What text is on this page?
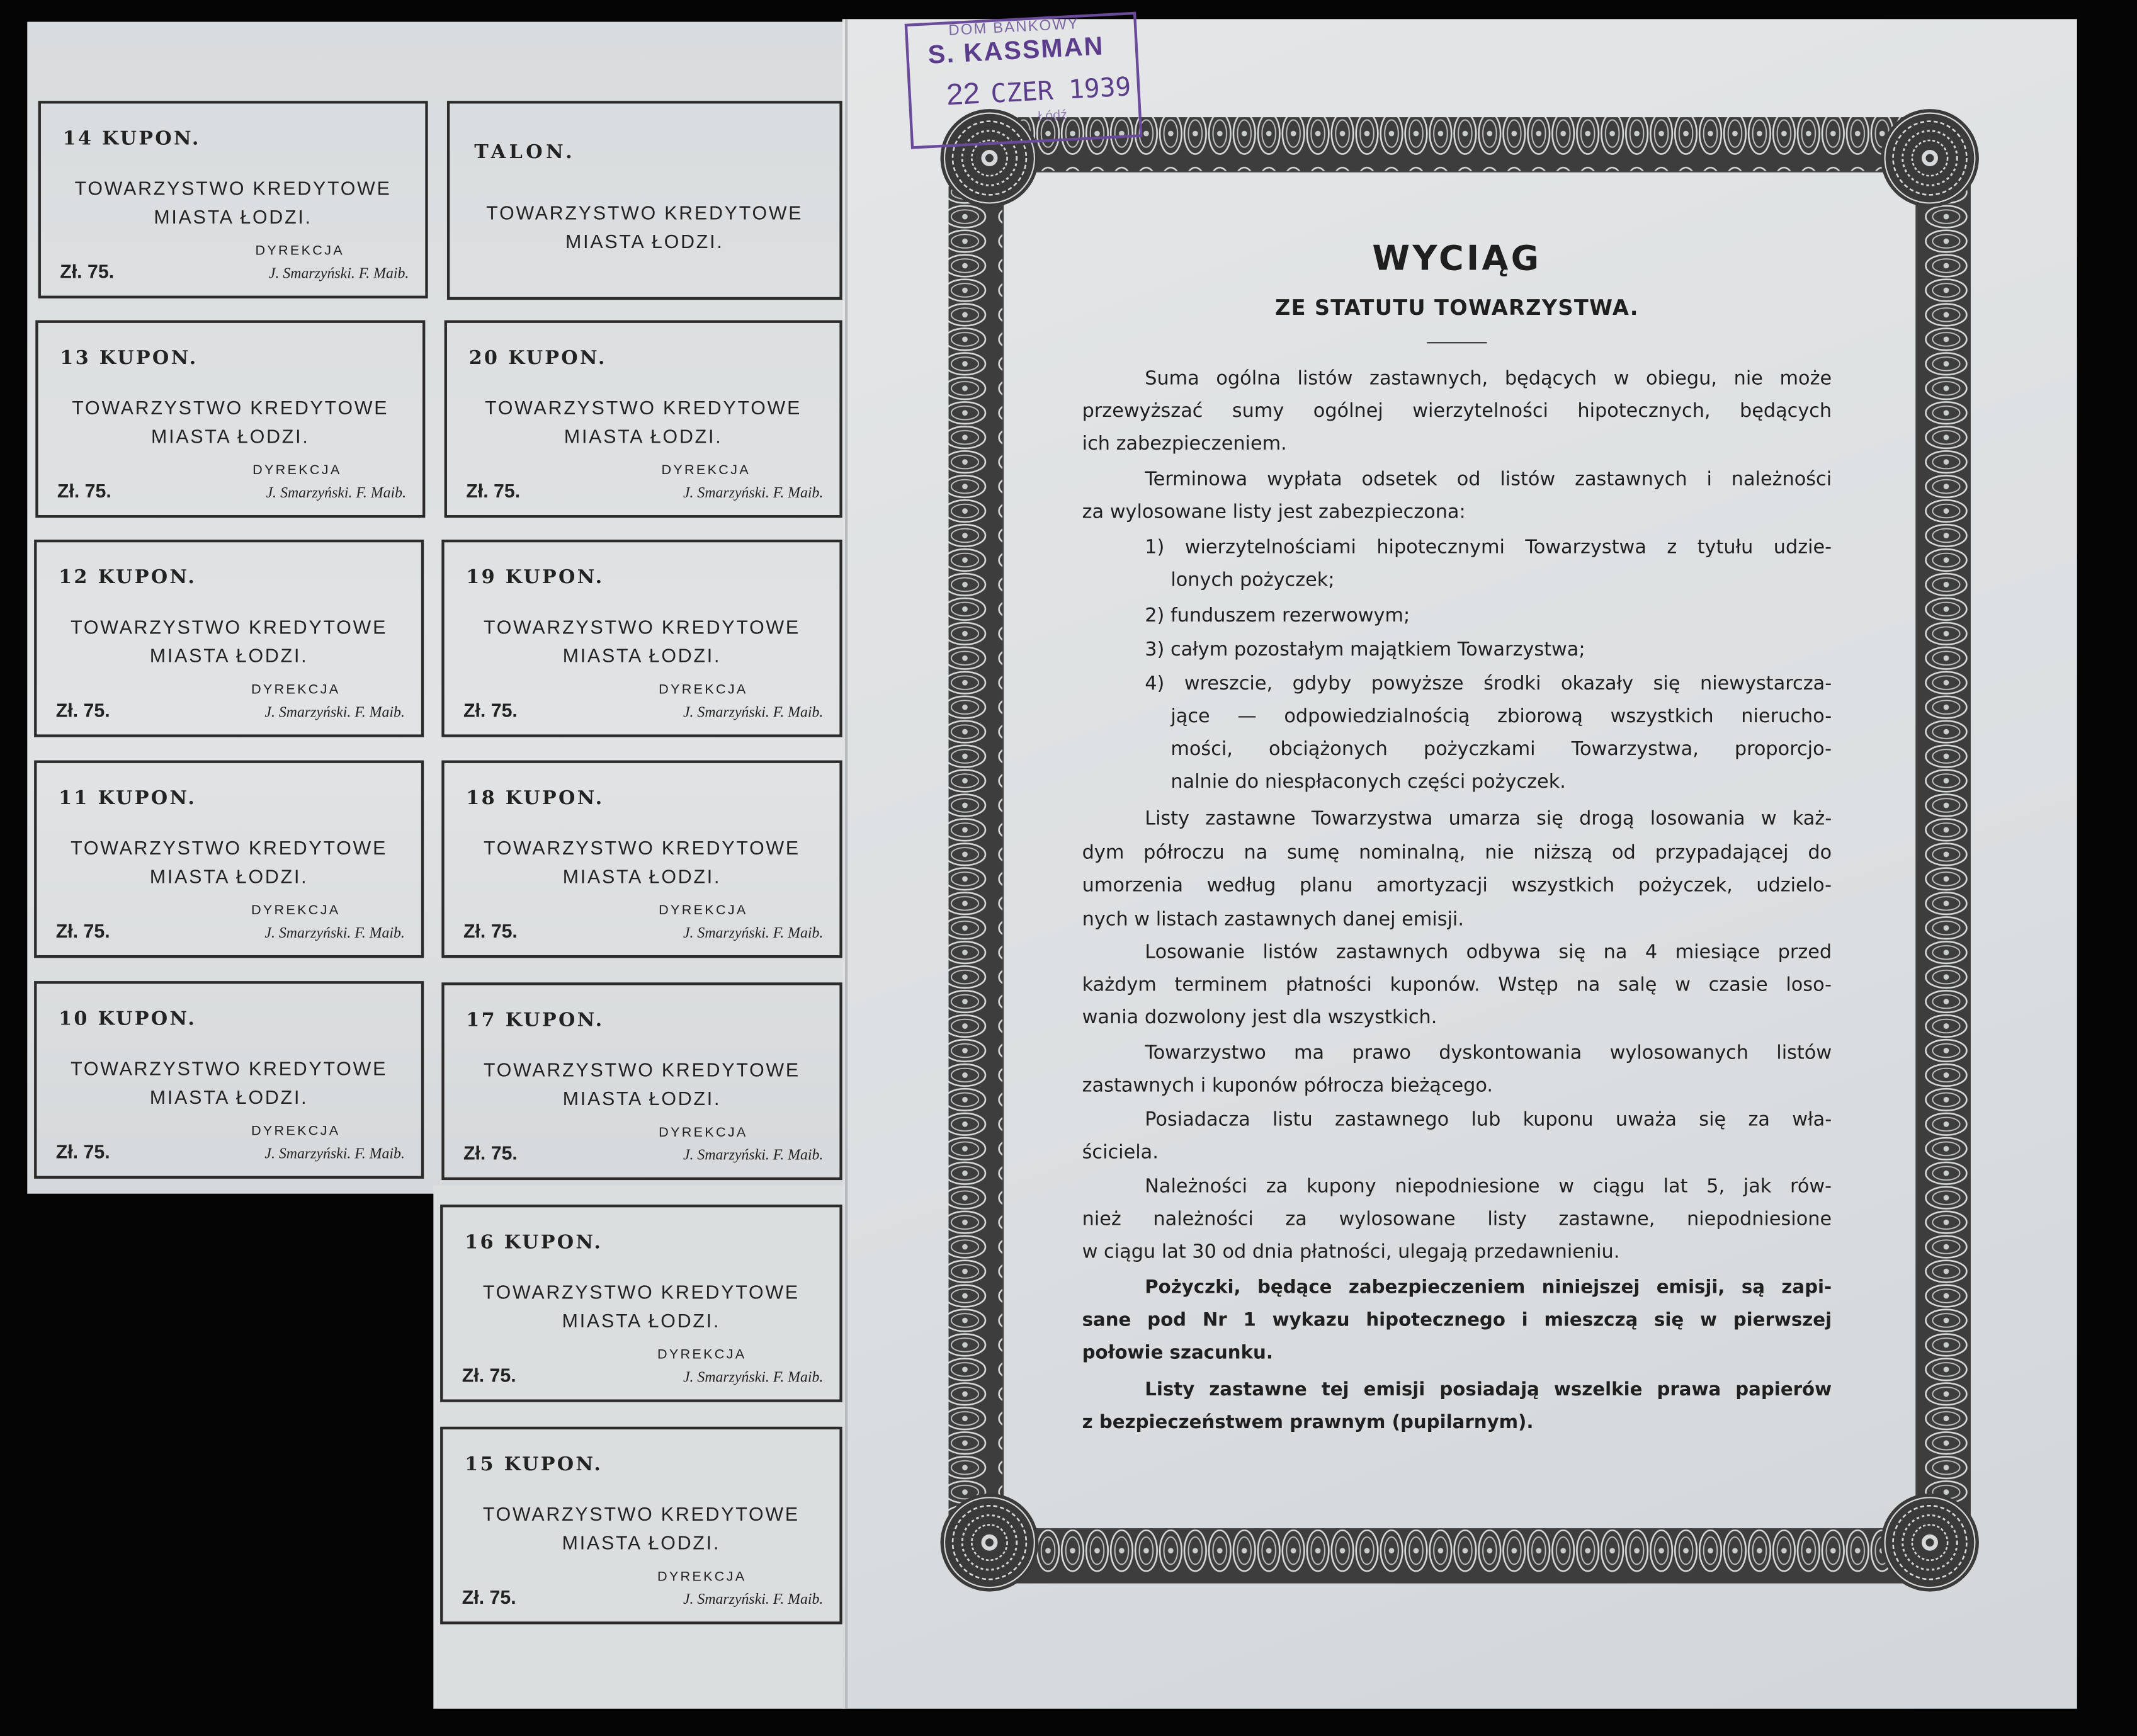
TALON.
TOWARZYSTWO KREDYTOWE
MIASTA ŁODZI.
14 KUPON.
TOWARZYSTWO KREDYTOWE
MIASTA ŁODZI.
DYREKCJA
Zł. 75.	J. Smarzyński. F. Maib.
13 KUPON.
TOWARZYSTWO KREDYTOWE
MIASTA ŁODZI.
DYREKCJA
Zł. 75.	J. Smarzyński. F. Maib.
12 KUPON.
TOWARZYSTWO KREDYTOWE
MIASTA ŁODZI.
DYREKCJA
Zł. 75.	J. Smarzyński. F. Maib.
11 KUPON.
TOWARZYSTWO KREDYTOWE
MIASTA ŁODZI.
DYREKCJA
Zł. 75.	J. Smarzyński. F. Maib.
10 KUPON.
TOWARZYSTWO KREDYTOWE
MIASTA ŁODZI.
DYREKCJA
Zł. 75.	J. Smarzyński. F. Maib.
20 KUPON.
TOWARZYSTWO KREDYTOWE
MIASTA ŁODZI.
DYREKCJA
Zł. 75.	J. Smarzyński. F. Maib.
19 KUPON.
TOWARZYSTWO KREDYTOWE
MIASTA ŁODZI.
DYREKCJA
Zł. 75.	J. Smarzyński. F. Maib.
18 KUPON.
TOWARZYSTWO KREDYTOWE
MIASTA ŁODZI.
DYREKCJA
Zł. 75.	J. Smarzyński. F. Maib.
17 KUPON.
TOWARZYSTWO KREDYTOWE
MIASTA ŁODZI.
DYREKCJA
Zł. 75.	J. Smarzyński. F. Maib.
16 KUPON.
TOWARZYSTWO KREDYTOWE
MIASTA ŁODZI.
DYREKCJA
Zł. 75.	J. Smarzyński. F. Maib.
15 KUPON.
TOWARZYSTWO KREDYTOWE
MIASTA ŁODZI.
DYREKCJA
Zł. 75.	J. Smarzyński. F. Maib.
WYCIĄG
ZE STATUTU TOWARZYSTWA.
Suma ogólna listów zastawnych, będących w obiegu, nie może
przewyższać sumy ogólnej wierzytelności hipotecznych, będących
ich zabezpieczeniem.
Terminowa wypłata odsetek od listów zastawnych i należności
za wylosowane listy jest zabezpieczona:
1) wierzytelnościami hipotecznymi Towarzystwa z tytułu udzie-
lonych pożyczek;
2) funduszem rezerwowym;
3) całym pozostałym majątkiem Towarzystwa;
4) wreszcie, gdyby powyższe środki okazały się niewystarcza-
jące — odpowiedzialnością zbiorową wszystkich nierucho-
mości, obciążonych pożyczkami Towarzystwa, proporcjo-
nalnie do niespłaconych części pożyczek.
Listy zastawne Towarzystwa umarza się drogą losowania w każ-
dym półroczu na sumę nominalną, nie niższą od przypadającej do
umorzenia według planu amortyzacji wszystkich pożyczek, udzielo-
nych w listach zastawnych danej emisji.
Losowanie listów zastawnych odbywa się na 4 miesiące przed
każdym terminem płatności kuponów. Wstęp na salę w czasie loso-
wania dozwolony jest dla wszystkich.
Towarzystwo ma prawo dyskontowania wylosowanych listów
zastawnych i kuponów półrocza bieżącego.
Posiadacza listu zastawnego lub kuponu uważa się za wła-
ściciela.
Należności za kupony niepodniesione w ciągu lat 5, jak rów-
nież należności za wylosowane listy zastawne, niepodniesione
w ciągu lat 30 od dnia płatności, ulegają przedawnieniu.
Pożyczki, będące zabezpieczeniem niniejszej emisji, są zapi-
sane pod Nr 1 wykazu hipotecznego i mieszczą się w pierwszej
połowie szacunku.
Listy zastawne tej emisji posiadają wszelkie prawa papierów
z bezpieczeństwem prawnym (pupilarnym).
DOM BANKOWY
S. KASSMAN
22 CZER 1939
Łódź
